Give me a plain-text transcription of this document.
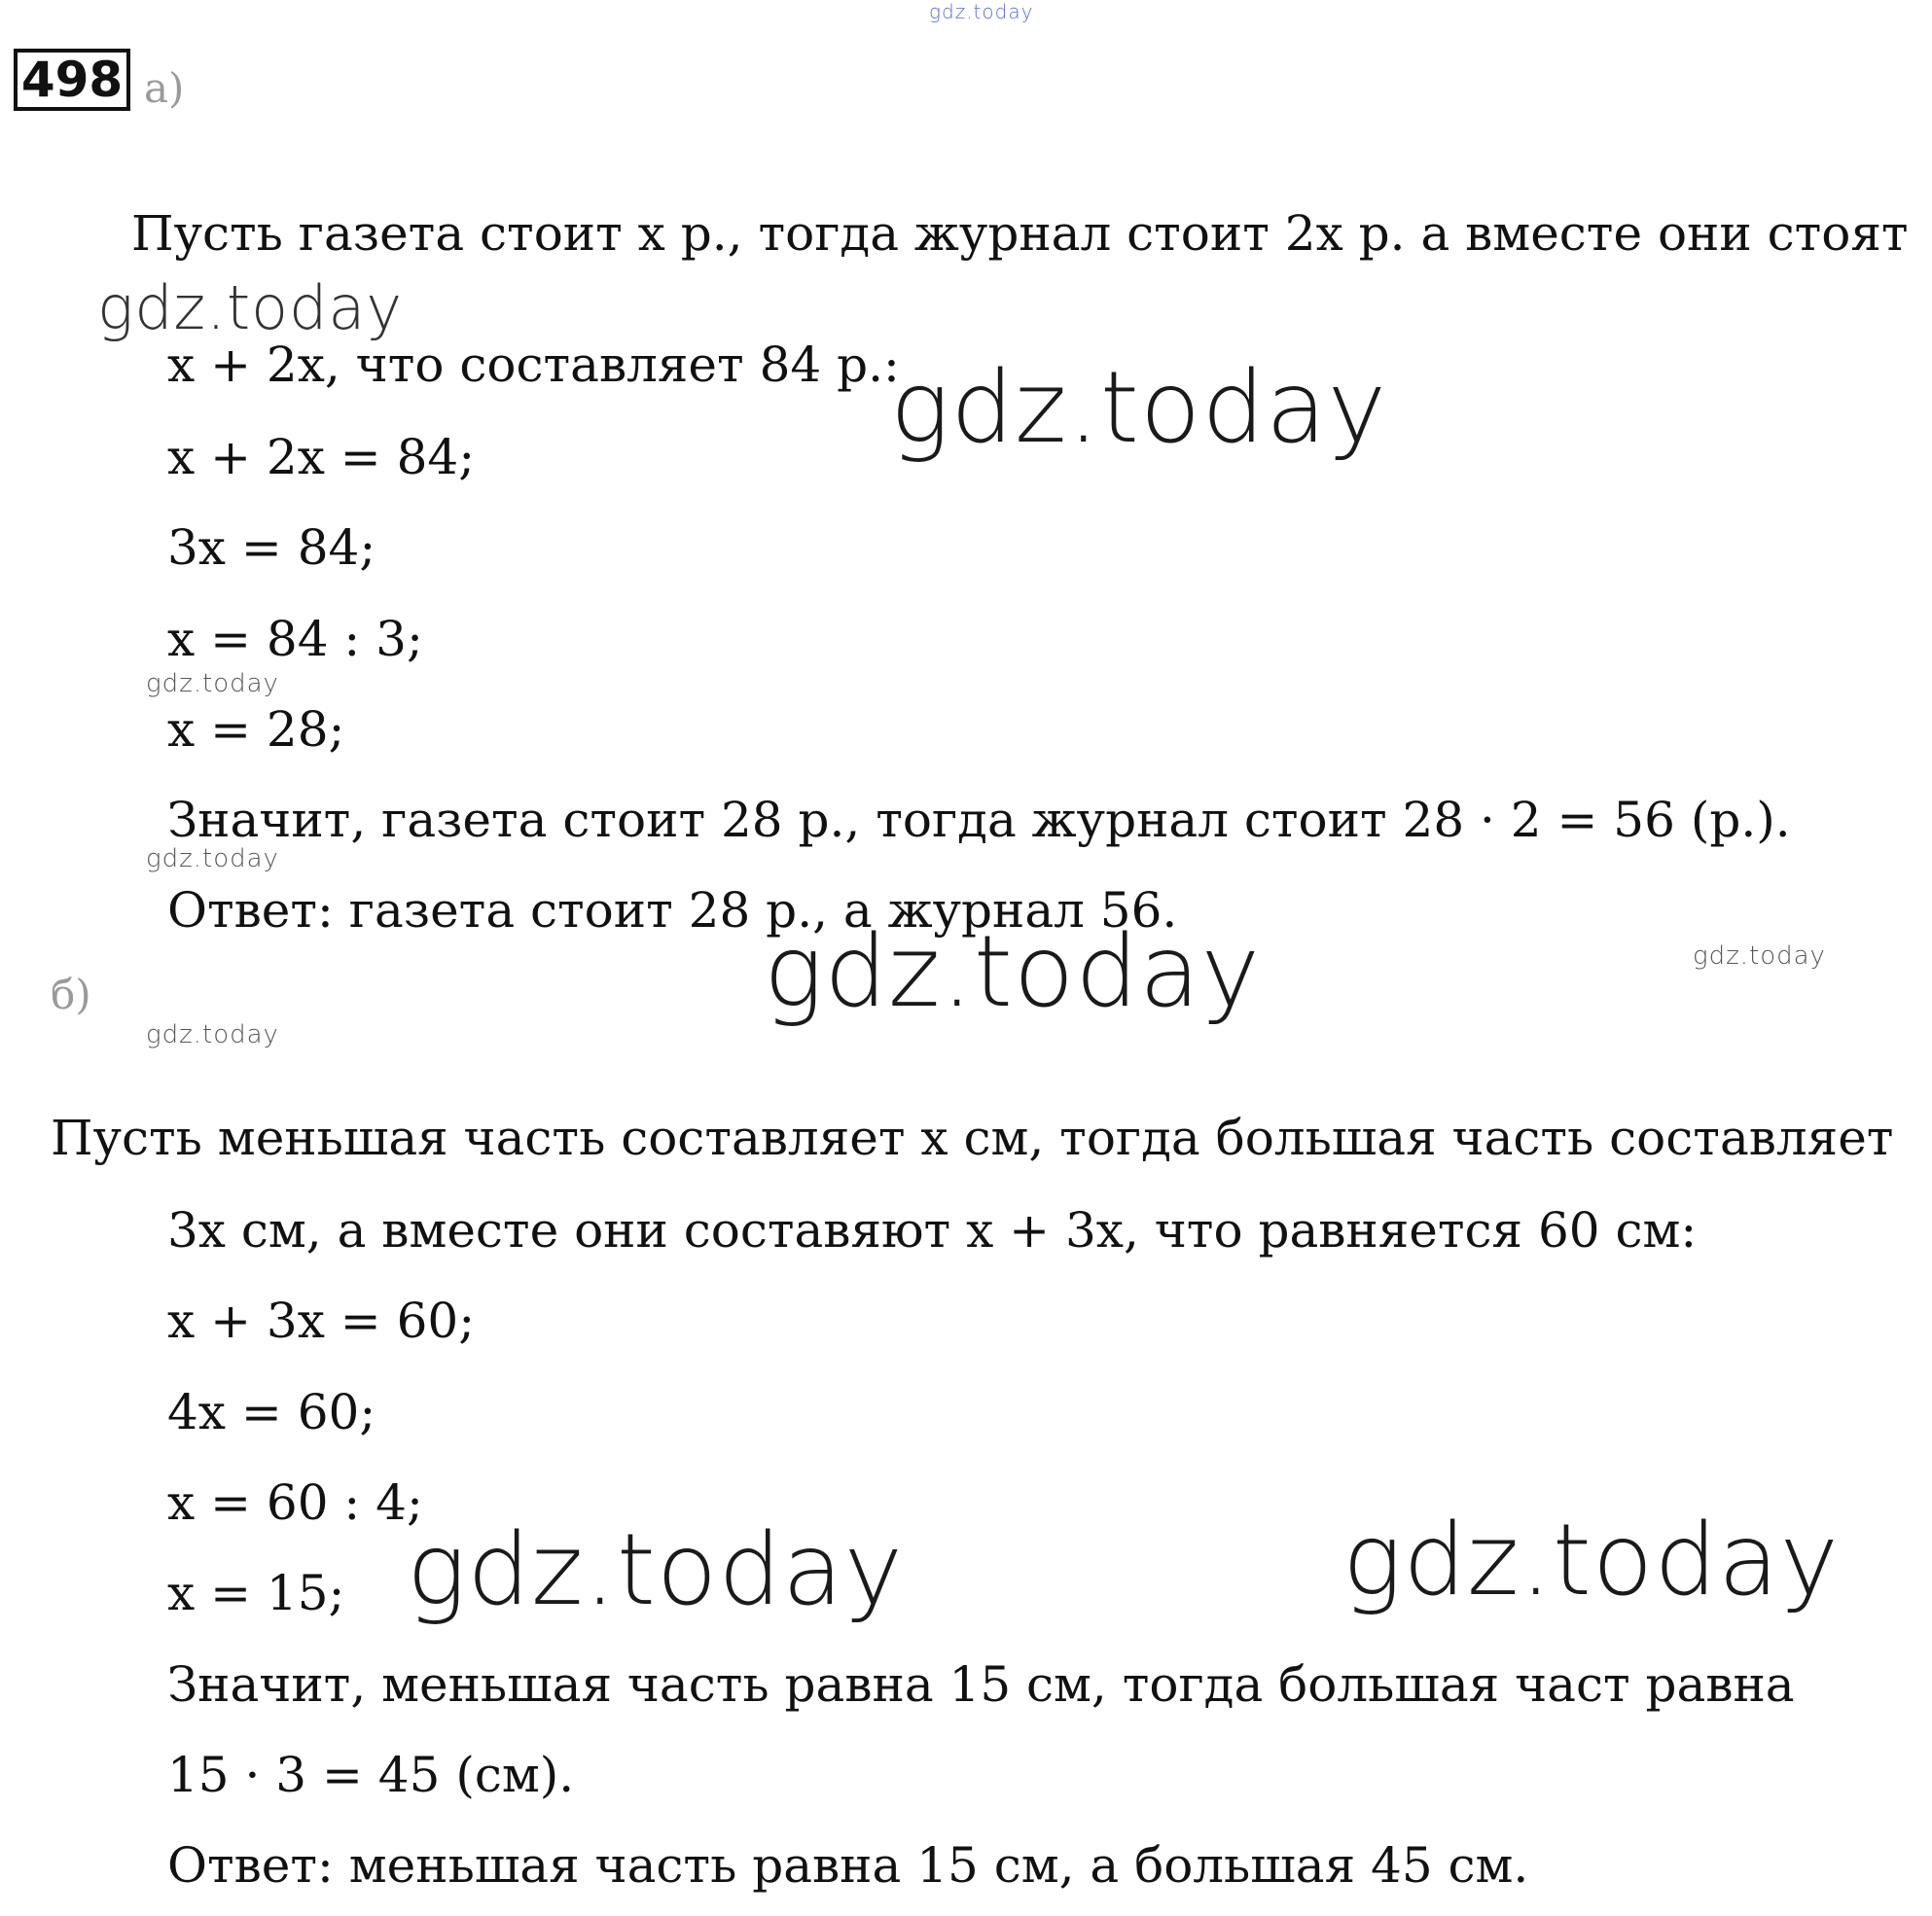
gdz.today
498 а)
Пусть газета стоит x р., тогда журнал стоит 2x р. а вместе они стоят
x + 2x, что составляет 84 р.:
x + 2x = 84;
3x = 84;
x = 84 : 3;
x = 28;
Значит, газета стоит 28 р., тогда журнал стоит 28 · 2 = 56 (р.).
Ответ: газета стоит 28 р., а журнал 56.
б)
Пусть меньшая часть составляет x см, тогда большая часть составляет
3x см, а вместе они составяют x + 3x, что равняется 60 см:
x + 3x = 60;
4x = 60;
x = 60 : 4;
x = 15;
Значит, меньшая часть равна 15 см, тогда большая част равна
15 · 3 = 45 (см).
Ответ: меньшая часть равна 15 см, а большая 45 см.
gdz.today
gdz.today
gdz.today
gdz.today
gdz.today	gdz.today
gdz.today
gdz.today	gdz.today
